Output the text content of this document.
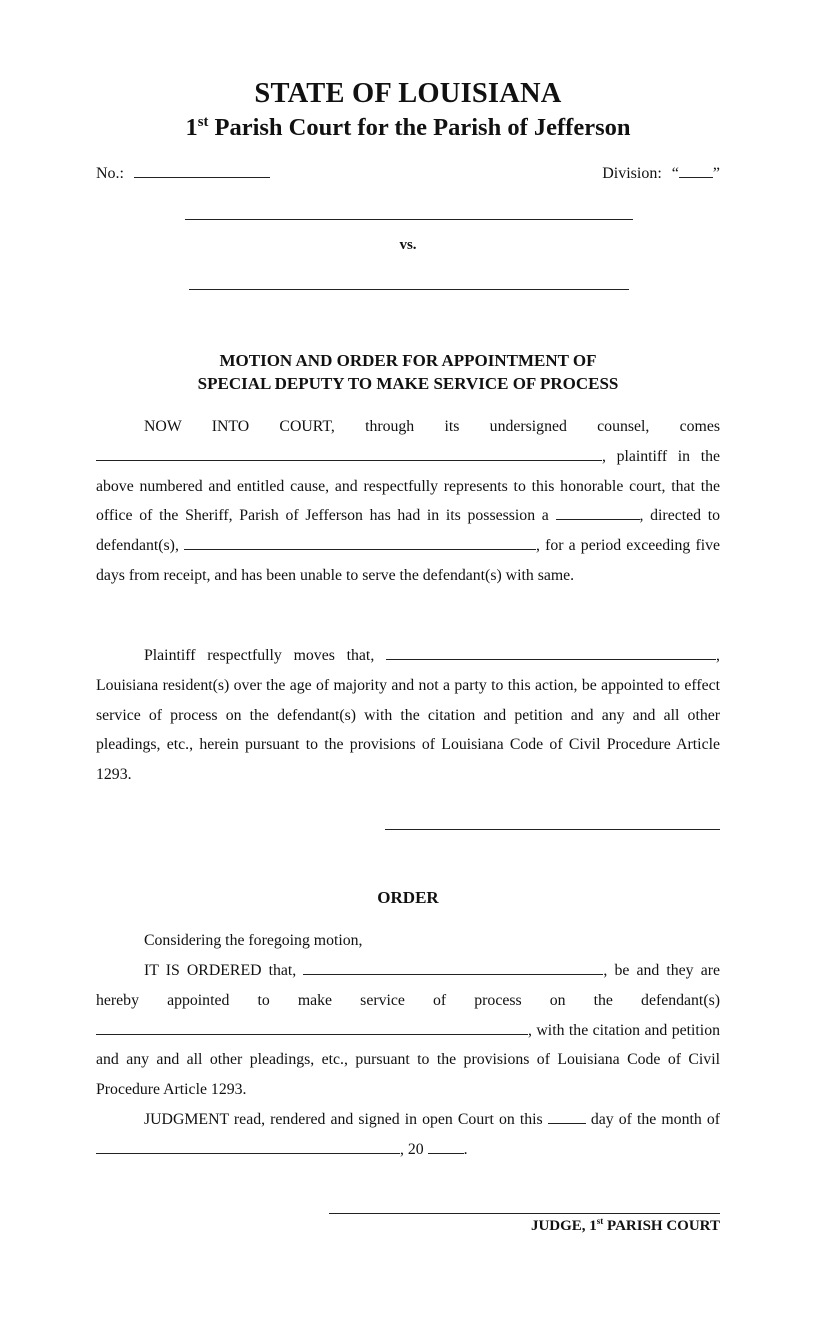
STATE OF LOUISIANA
1st Parish Court for the Parish of Jefferson
No.:	Division: “ ”
vs.
MOTION AND ORDER FOR APPOINTMENT OF
SPECIAL DEPUTY TO MAKE SERVICE OF PROCESS
NOW INTO COURT, through its undersigned counsel, comes , plaintiff in the above numbered and entitled cause, and respectfully represents to this honorable court, that the office of the Sheriff, Parish of Jefferson has had in its possession a	, directed to defendant(s),	, for a period exceeding five days from receipt, and has been unable to serve the defendant(s) with same.
Plaintiff respectfully moves that,	, Louisiana resident(s) over the age of majority and not a party to this action, be appointed to effect service of process on the defendant(s) with the citation and petition and any and all other pleadings, etc., herein pursuant to the provisions of Louisiana Code of Civil Procedure Article 1293.
ORDER
Considering the foregoing motion,
IT IS ORDERED that,	, be and they are hereby appointed to make service of process on the defendant(s) , with the citation and petition and any and all other pleadings, etc., pursuant to the provisions of Louisiana Code of Civil Procedure Article 1293.
JUDGMENT read, rendered and signed in open Court on this	day of the month of , 20	.
JUDGE, 1st PARISH COURT
